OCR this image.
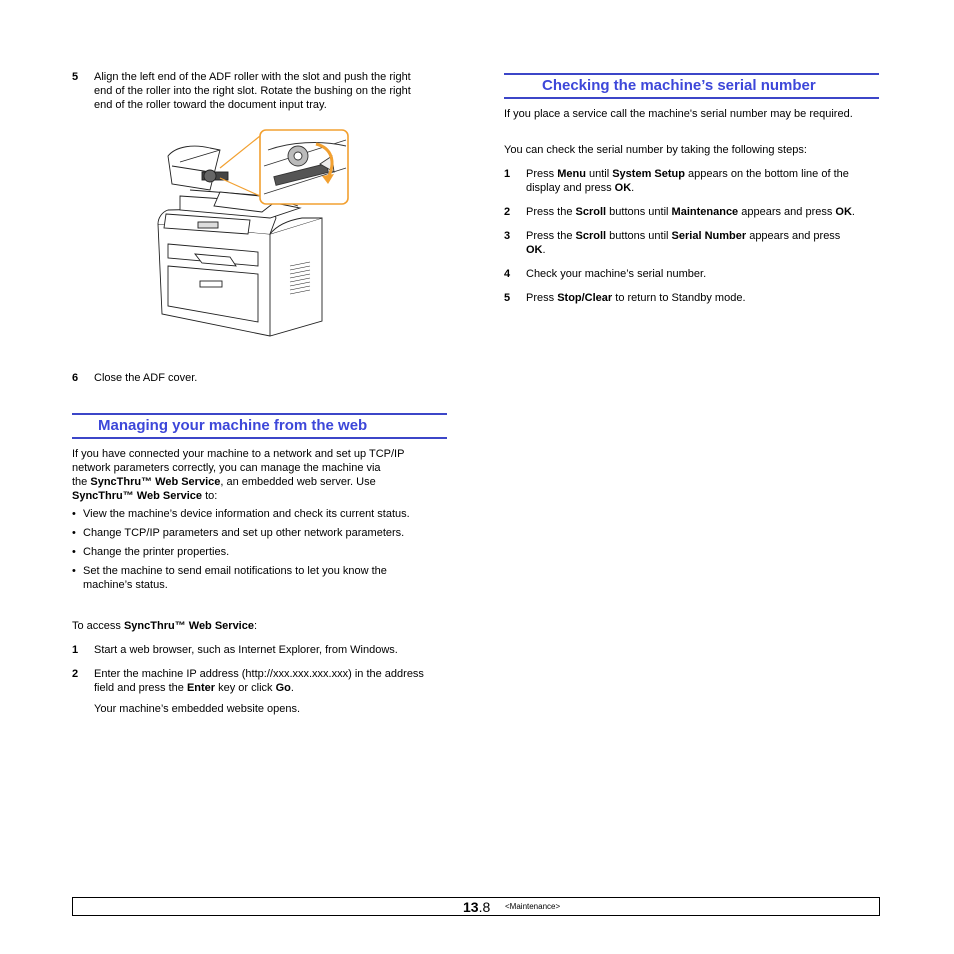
5 Align the left end of the ADF roller with the slot and push the right

end of the roller into the right slot. Rotate the bushing on the right

end of the roller toward the document input tray.

6 Close the ADF cover.
Managing your machine from the web

If you have connected your machine to a network and set up TCP/IP

network parameters correctly, you can manage the machine via

the SyncThru™ Web Service, an embedded web server. Use

SyncThru™ Web Service to:

• View the machine’s device information and check its current status.

• Change TCP/IP parameters and set up other network parameters.

• Change the printer properties.

• Set the machine to send email notifications to let you know the

machine’s status.

To access SyncThru™ Web Service:

1 Start a web browser, such as Internet Explorer, from Windows.
2 Enter the machine IP address (http://xxx.xxx.xxx.xxx) in the address

field and press the Enter key or click Go.

Your machine’s embedded website opens.

Checking the machine’s serial number

If you place a service call the machine's serial number may be required.

You can check the serial number by taking the following steps:

1 Press Menu until System Setup appears on the bottom line of the

display and press OK.

2 Press the Scroll buttons until Maintenance appears and press OK.

3 Press the Scroll buttons until Serial Number appears and press

OK.

4 Check your machine’s serial number.
5 Press Stop/Clear to return to Standby mode.

13.8 <Maintenance>
